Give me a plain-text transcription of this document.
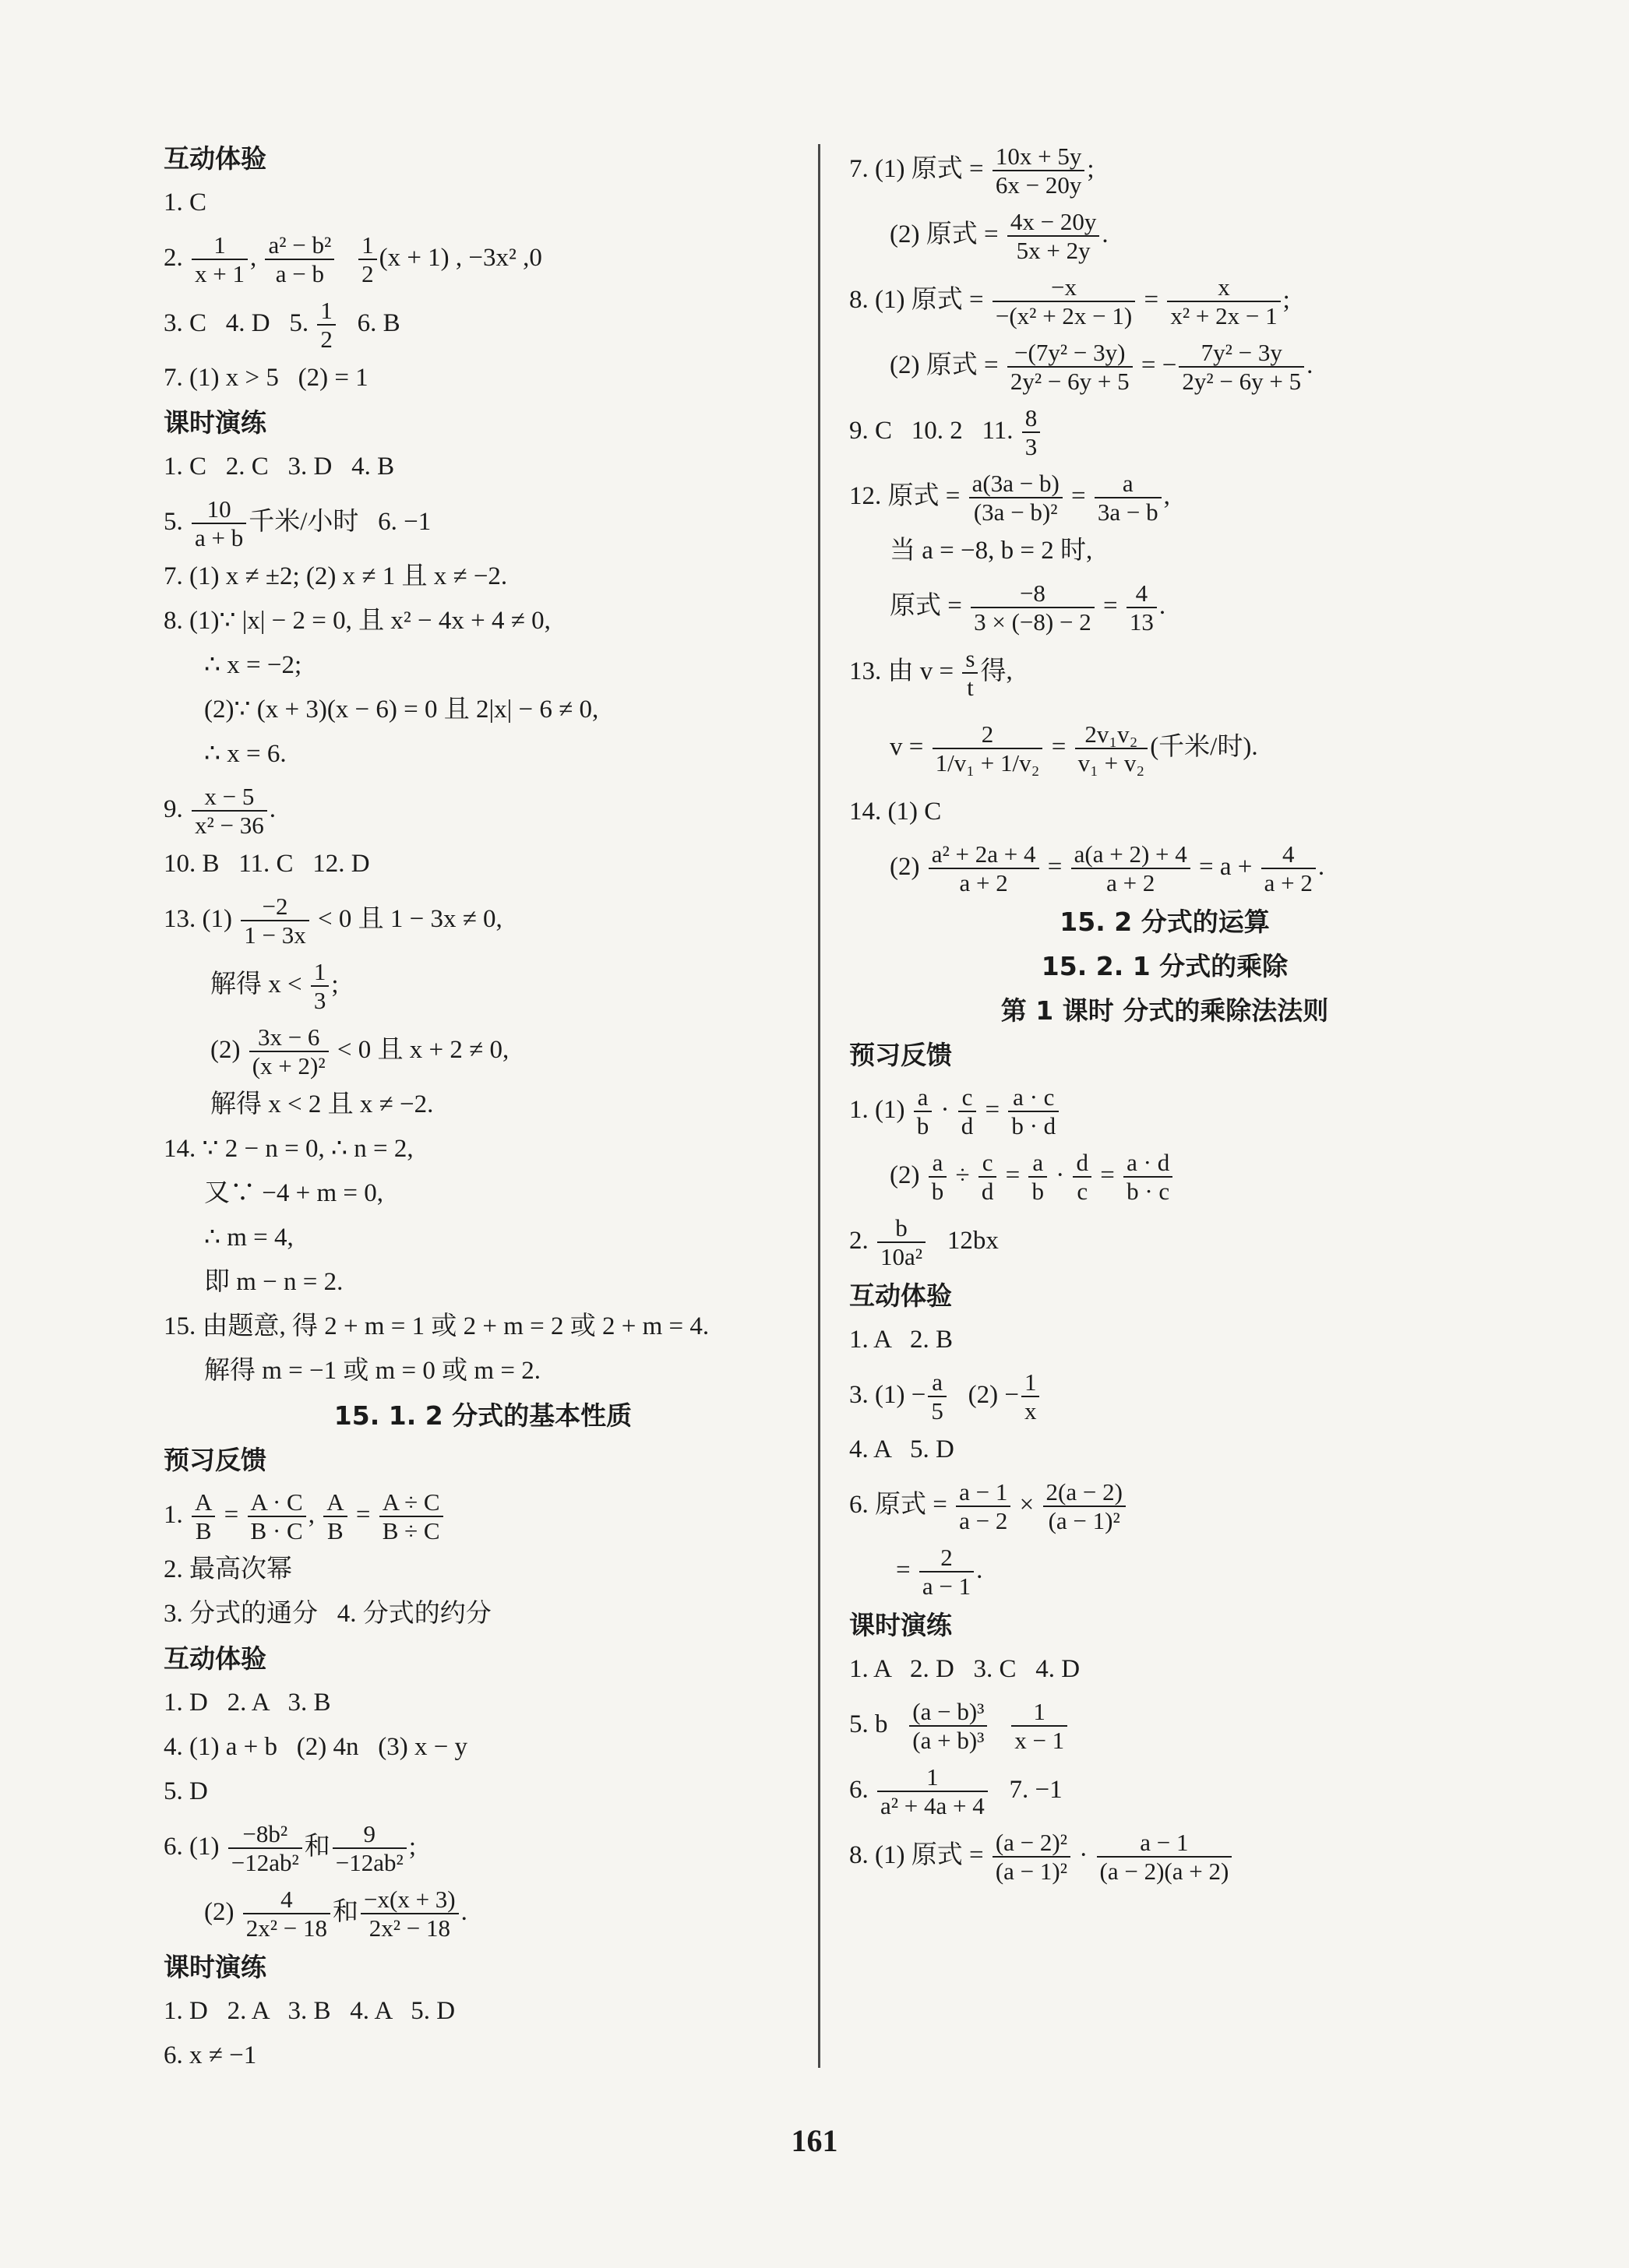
互动体验
1. C
2. $\frac{1}{x + 1}$ , $\frac{\text{a² − b²}}{a - b}$
$\frac{1}{2} (x + 1)$ , −3x² ,0
3. C   4. D   5. $\frac{1}{2} 6$. B
7. (1) x > 5   (2) = 1
课时演练
1. C   2. C   3. D   4. B
5. $\frac{10}{a + b}$ 千米/小时   6. −1
7. (1) x ≠ ±2; (2) x ≠ 1 且 x ≠ −2.
8. (1)∵ |x| − 2 = 0, 且 x² − 4x + 4 ≠ 0,
∴ x = −2;
(2)∵ (x + 3)(x − 6) = 0 且 2|x| − 6 ≠ 0,
∴ x = 6.
9. $\frac{x - 5}{\text{x² − 36}}$ .
10. B   11. C   12. D
13. $(1) \frac{-2}{1 - 3x} < 0$ 且 1 − 3x ≠ 0,
解得 $x < \frac{1}{3}$ ;
$(2) \frac{3x - 6}{\text{(x + 2)²}} < 0$ 且 x + 2 ≠ 0,
解得 x < 2 且 x ≠ −2.
14. ∵ 2 − n = 0, ∴ n = 2,
又∵ −4 + m = 0,
∴ m = 4,
即 m − n = 2.
15. 由题意, 得 2 + m = 1 或 2 + m = 2 或 2 + m = 4.
解得 m = −1 或 m = 0 或 m = 2.
15. 1. 2 分式的基本性质
预习反馈
1. $\frac{A}{B} = \frac{A \cdot C}{B \cdot C}$ , $\frac{A}{B} = \frac{A \div C}{B \div C}$
2. 最高次幂
3. 分式的通分   4. 分式的约分
互动体验
1. D   2. A   3. B
4. (1) a + b   (2) 4n   (3) x − y
5. D
6. $(1) \frac{\text{−8b²}}{\text{−12ab²}}$ 和 $\frac{9}{\text{−12ab²}}$ ;
$(2) \frac{4}{\text{2x² − 18}}$ 和 $\frac{-x(x + 3)}{\text{2x² − 18}}$ .
课时演练
1. D   2. A   3. B   4. A   5. D
6. x ≠ −1
7. (1) 原式 = $\frac{10x + 5y}{6x - 20y}$ ;
(2) 原式 = $\frac{4x - 20y}{5x + 2y}$ .
8. (1) 原式 = $\frac{-x}{\text{−(x² + 2x − 1)}} = \frac{x}{\text{x² + 2x − 1}}$ ;
(2) 原式 = $\frac{\text{−(7y² − 3y)}}{\text{2y² − 6y + 5}}$ = − $\frac{\text{7y² − 3y}}{\text{2y² − 6y + 5}}$ .
9. C   10. 2   11. $\frac{8}{3}$
12. 原式 = $\frac{a(3a - b)}{\text{(3a − b)²}} = \frac{a}{3a - b}$ ,
当 a = −8, b = 2 时,
原式 = $\frac{-8}{3 \times (-8) - 2} = \frac{4}{13}$ .
13. 由 $v = \frac{s}{t}$ 得,
$v = \frac{2}{\text{1/v₁ + 1/v₂}} = \frac{\text{2v₁v₂}}{\text{v₁ + v₂}}$ (千米/时).
14. (1) C
$(2) \frac{\text{a² + 2a + 4}}{a + 2} = \frac{a(a + 2) + 4}{a + 2} = a + \frac{4}{a + 2}$ .
15. 2 分式的运算
15. 2. 1 分式的乘除
第 1 课时 分式的乘除法法则
预习反馈
1. $(1) \frac{a}{b} \cdot \frac{c}{d} = \frac{a \cdot c}{b \cdot d}$
$(2) \frac{a}{b} \div \frac{c}{d} = \frac{a}{b} \cdot \frac{d}{c} = \frac{a \cdot d}{b \cdot c}$
2. $\frac{b}{\text{10a²}} 12bx$
互动体验
1. A   2. B
3. $(1) - \frac{a}{5} (2) - \frac{1}{x}$
4. A   5. D
6. 原式 = $\frac{a - 1}{a - 2} \times \frac{2(a - 2)}{\text{(a − 1)²}}$
= $\frac{2}{a - 1}$ .
课时演练
1. A   2. D   3. C   4. D
5. b $\frac{\text{(a − b)³}}{\text{(a + b)³}}$
$\frac{1}{x - 1}$
6. $\frac{1}{\text{a² + 4a + 4}} 7$. −1
8. (1) 原式 = $\frac{\text{(a − 2)²}}{\text{(a − 1)²}} \cdot \frac{a - 1}{(a - 2)(a + 2)}$
161
